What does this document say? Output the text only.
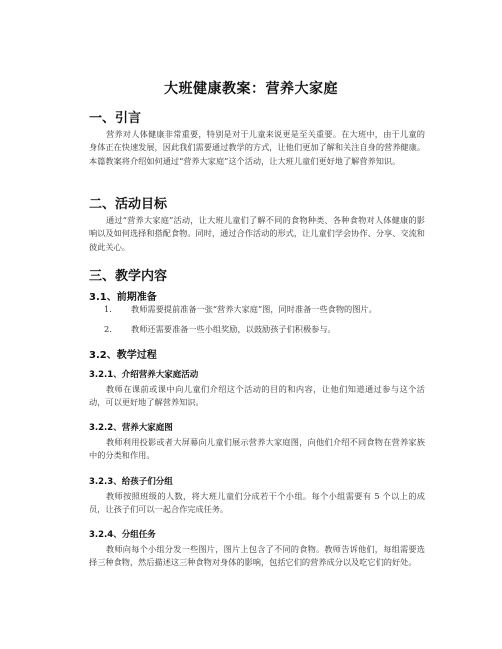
大班健康教案：营养大家庭
一、引言

营养对人体健康非常重要，特别是对于儿童来说更是至关重要。在大班中，由于儿童的身体正在快速发展，因此我们需要通过教学的方式，让他们更加了解和关注自身的营养健康。本篇教案将介绍如何通过“营养大家庭”这个活动，让大班儿童们更好地了解营养知识。

二、活动目标

通过“营养大家庭”活动，让大班儿童们了解不同的食物种类、各种食物对人体健康的影响以及如何选择和搭配食物。同时，通过合作活动的形式，让儿童们学会协作、分享、交流和彼此关心。

三、教学内容
3.1、前期准备
1. 教师需要提前准备一张“营养大家庭”图，同时准备一些食物的图片。
2. 教师还需要准备一些小组奖励，以鼓励孩子们积极参与。
3.2、教学过程
3.2.1、介绍营养大家庭活动

教师在课前或课中向儿童们介绍这个活动的目的和内容，让他们知道通过参与这个活动，可以更好地了解营养知识。

3.2.2、营养大家庭图

教师利用投影或者大屏幕向儿童们展示营养大家庭图，向他们介绍不同食物在营养家族中的分类和作用。

3.2.3、给孩子们分组

教师按照班级的人数，将大班儿童们分成若干个小组。每个小组需要有 5 个以上的成员，让孩子们可以一起合作完成任务。

3.2.4、分组任务

教师向每个小组分发一些图片，图片上包含了不同的食物。教师告诉他们，每组需要选择三种食物，然后描述这三种食物对身体的影响，包括它们的营养成分以及吃它们的好处。
